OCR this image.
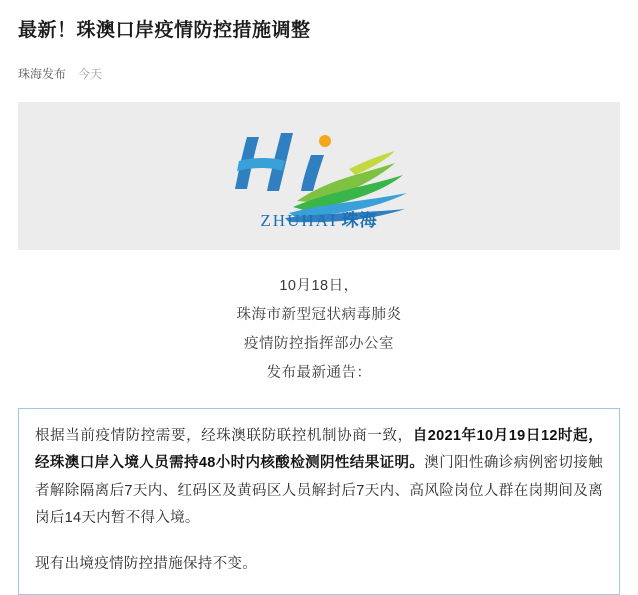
最新！珠澳口岸疫情防控措施调整
珠海发布 今天
ZHUHAI 珠海
10月18日，
珠海市新型冠状病毒肺炎
疫情防控指挥部办公室
发布最新通告：

根据当前疫情防控需要，经珠澳联防联控机制协商一致，自2021年10月19日12时起，经珠澳口岸入境人员需持48小时内核酸检测阴性结果证明。澳门阳性确诊病例密切接触者解除隔离后7天内、红码区及黄码区人员解封后7天内、高风险岗位人群在岗期间及离岗后14天内暂不得入境。

现有出境疫情防控措施保持不变。
